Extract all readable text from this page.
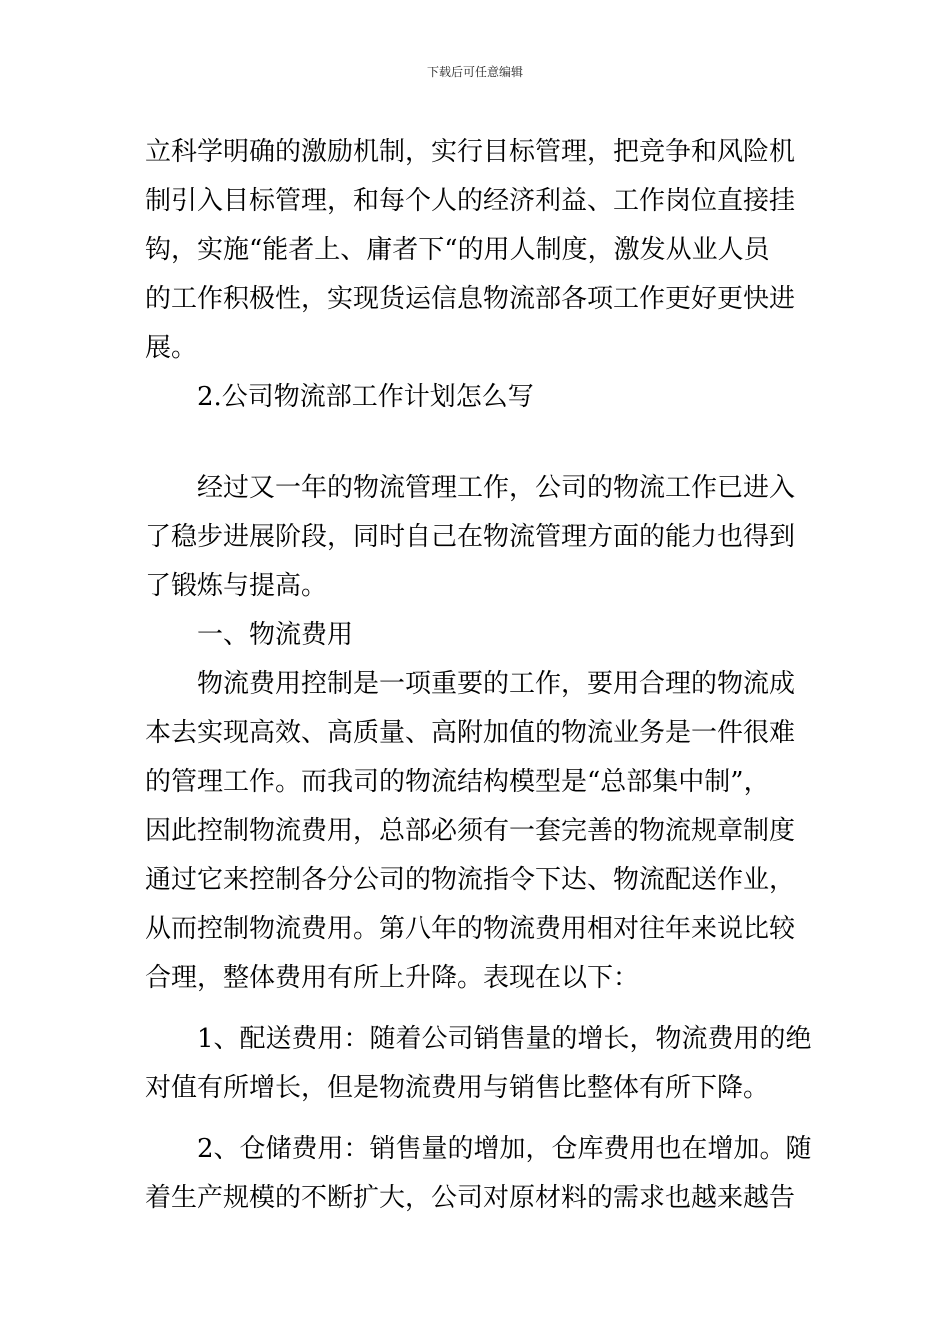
下载后可任意编辑
立科学明确的激励机制，实行目标管理，把竞争和风险机
制引入目标管理，和每个人的经济利益、工作岗位直接挂
钩，实施“能者上、庸者下“的用人制度，激发从业人员
的工作积极性，实现货运信息物流部各项工作更好更快进
展。
2.公司物流部工作计划怎么写
经过又一年的物流管理工作，公司的物流工作已进入
了稳步进展阶段，同时自己在物流管理方面的能力也得到
了锻炼与提高。
一、物流费用
物流费用控制是一项重要的工作，要用合理的物流成
本去实现高效、高质量、高附加值的物流业务是一件很难
的管理工作。而我司的物流结构模型是“总部集中制”，
因此控制物流费用，总部必须有一套完善的物流规章制度
通过它来控制各分公司的物流指令下达、物流配送作业，
从而控制物流费用。第八年的物流费用相对往年来说比较
合理，整体费用有所上升降。表现在以下：
1、配送费用：随着公司销售量的增长，物流费用的绝
对值有所增长，但是物流费用与销售比整体有所下降。
2、仓储费用：销售量的增加，仓库费用也在增加。随
着生产规模的不断扩大，公司对原材料的需求也越来越告
